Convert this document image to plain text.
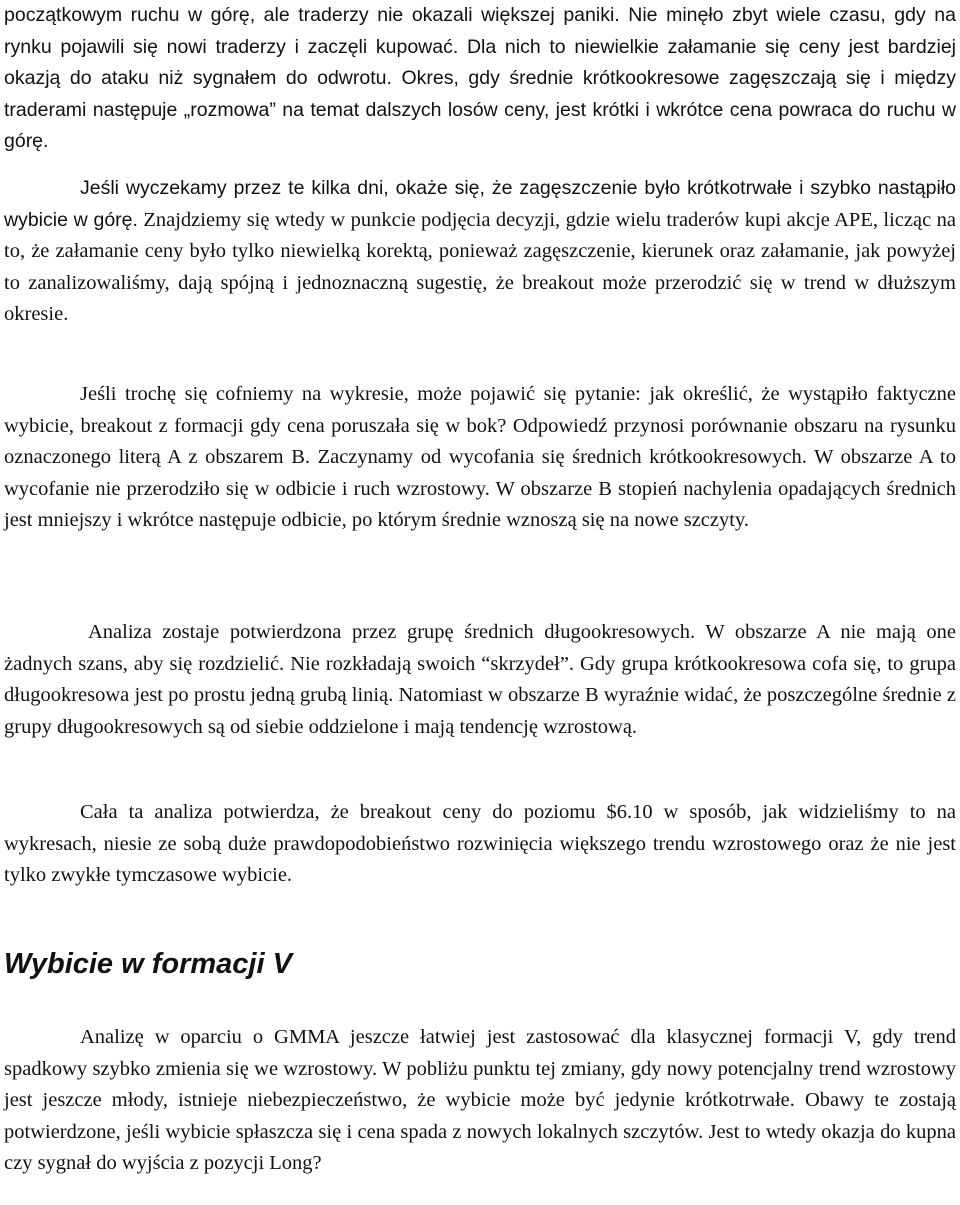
początkowym ruchu w górę, ale traderzy nie okazali większej paniki. Nie minęło zbyt wiele czasu, gdy na rynku pojawili się nowi traderzy i zaczęli kupować. Dla nich to niewielkie załamanie się ceny jest bardziej okazją do ataku niż sygnałem do odwrotu. Okres, gdy średnie krótkookresowe zagęszczają się i między traderami następuje „rozmowa” na temat dalszych losów ceny, jest krótki i wkrótce cena powraca do ruchu w górę.

Jeśli wyczekamy przez te kilka dni, okaże się, że zagęszczenie było krótkotrwałe i szybko nastąpiło wybicie w górę. Znajdziemy się wtedy w punkcie podjęcia decyzji, gdzie wielu traderów kupi akcje APE, licząc na to, że załamanie ceny było tylko niewielką korektą, ponieważ zagęszczenie, kierunek oraz załamanie, jak powyżej to zanalizowaliśmy, dają spójną i jednoznaczną sugestię, że breakout może przerodzić się w trend w dłuższym okresie.

Jeśli trochę się cofniemy na wykresie, może pojawić się pytanie: jak określić, że wystąpiło faktyczne wybicie, breakout z formacji gdy cena poruszała się w bok? Odpowiedź przynosi porównanie obszaru na rysunku oznaczonego literą A z obszarem B. Zaczynamy od wycofania się średnich krótkookresowych. W obszarze A to wycofanie nie przerodziło się w odbicie i ruch wzrostowy. W obszarze B stopień nachylenia opadających średnich jest mniejszy i wkrótce następuje odbicie, po którym średnie wznoszą się na nowe szczyty.

Analiza zostaje potwierdzona przez grupę średnich długookresowych. W obszarze A nie mają one żadnych szans, aby się rozdzielić. Nie rozkładają swoich “skrzydeł”. Gdy grupa krótkookresowa cofa się, to grupa długookresowa jest po prostu jedną grubą linią. Natomiast w obszarze B wyraźnie widać, że poszczególne średnie z grupy długookresowych są od siebie oddzielone i mają tendencję wzrostową.

Cała ta analiza potwierdza, że breakout ceny do poziomu $6.10 w sposób, jak widzieliśmy to na wykresach, niesie ze sobą duże prawdopodobieństwo rozwinięcia większego trendu wzrostowego oraz że nie jest tylko zwykłe tymczasowe wybicie.

Wybicie w formacji V

Analizę w oparciu o GMMA jeszcze łatwiej jest zastosować dla klasycznej formacji V, gdy trend spadkowy szybko zmienia się we wzrostowy. W pobliżu punktu tej zmiany, gdy nowy potencjalny trend wzrostowy jest jeszcze młody, istnieje niebezpieczeństwo, że wybicie może być jedynie krótkotrwałe. Obawy te zostają potwierdzone, jeśli wybicie spłaszcza się i cena spada z nowych lokalnych szczytów. Jest to wtedy okazja do kupna czy sygnał do wyjścia z pozycji Long?
